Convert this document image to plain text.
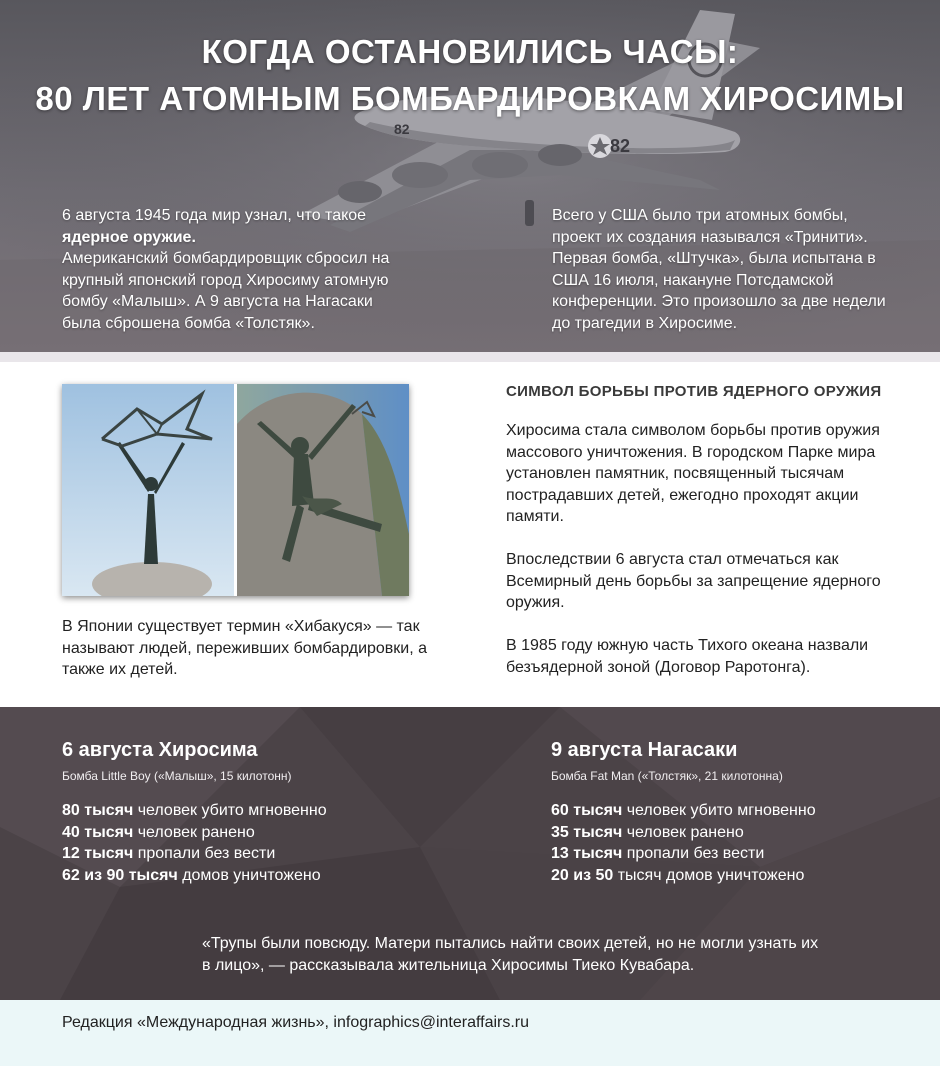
82
82
КОГДА ОСТАНОВИЛИСЬ ЧАСЫ:
80 ЛЕТ АТОМНЫМ БОМБАРДИРОВКАМ ХИРОСИМЫ
6 августа 1945 года мир узнал, что такое
ядерное оружие.
Американский бомбардировщик сбросил на крупный японский город Хиросиму атомную бомбу «Малыш». А 9 августа на Нагасаки была сброшена бомба «Толстяк».
Всего у США было три атомных бомбы, проект их создания назывался «Тринити». Первая бомба, «Штучка», была испытана в США 16 июля, накануне Потсдамской конференции. Это произошло за две недели до трагедии в Хиросиме.
В Японии существует термин «Хибакуся» — так называют людей, переживших бомбардировки, а также их детей.
СИМВОЛ БОРЬБЫ ПРОТИВ ЯДЕРНОГО ОРУЖИЯ

Хиросима стала символом борьбы против оружия массового уничтожения. В городском Парке мира установлен памятник, посвященный тысячам пострадавших детей, ежегодно проходят акции памяти.

Впоследствии 6 августа стал отмечаться как Всемирный день борьбы за запрещение ядерного оружия.

В 1985 году южную часть Тихого океана назвали безъядерной зоной (Договор Раротонга).

6 августа Хиросима
Бомба Little Boy («Малыш», 15 килотонн)
80 тысяч человек убито мгновенно
40 тысяч человек ранено
12 тысяч пропали без вести
62 из 90 тысяч домов уничтожено
9 августа Нагасаки
Бомба Fat Man («Толстяк», 21 килотонна)
60 тысяч человек убито мгновенно
35 тысяч человек ранено
13 тысяч пропали без вести
20 из 50 тысяч домов уничтожено
«Трупы были повсюду. Матери пытались найти своих детей, но не могли узнать их в лицо», — рассказывала жительница Хиросимы Тиеко Кувабара.
Редакция «Международная жизнь», infographics@interaffairs.ru
